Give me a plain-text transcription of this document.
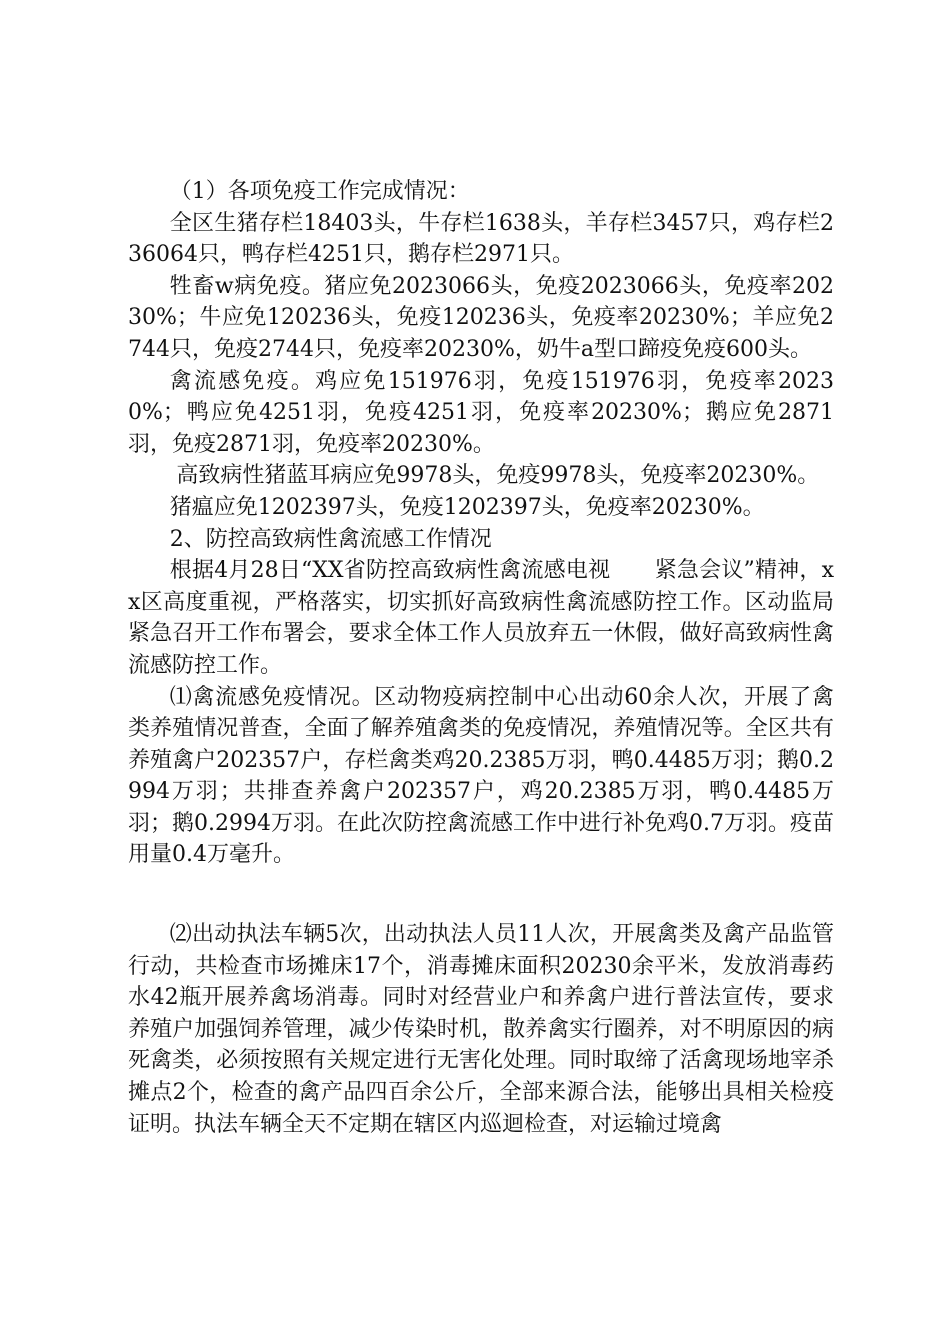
（1）各项免疫工作完成情况：

全区生猪存栏18403头，牛存栏1638头，羊存栏3457只，鸡存栏236064只，鸭存栏4251只，鹅存栏2971只。

牲畜w病免疫。猪应免2023066头，免疫2023066头，免疫率20230%；牛应免120236头，免疫120236头，免疫率20230%；羊应免2744只，免疫2744只，免疫率20230%，奶牛a型口蹄疫免疫600头。

禽流感免疫。鸡应免151976羽，免疫151976羽，免疫率20230%；鸭应免4251羽，免疫4251羽，免疫率20230%；鹅应免2871羽，免疫2871羽，免疫率20230%。

高致病性猪蓝耳病应免9978头，免疫9978头，免疫率20230%。

猪瘟应免1202397头，免疫1202397头，免疫率20230%。

2、防控高致病性禽流感工作情况

根据4月28日“XX省防控高致病性禽流感电视　　紧急会议”精神，xx区高度重视，严格落实，切实抓好高致病性禽流感防控工作。区动监局紧急召开工作布署会，要求全体工作人员放弃五一休假，做好高致病性禽流感防控工作。

⑴禽流感免疫情况。区动物疫病控制中心出动60余人次，开展了禽类养殖情况普查，全面了解养殖禽类的免疫情况，养殖情况等。全区共有养殖禽户202357户，存栏禽类鸡20.2385万羽，鸭0.4485万羽；鹅0.2994万羽；共排查养禽户202357户，鸡20.2385万羽，鸭0.4485万羽；鹅0.2994万羽。在此次防控禽流感工作中进行补免鸡0.7万羽。疫苗用量0.4万毫升。

⑵出动执法车辆5次，出动执法人员11人次，开展禽类及禽产品监管行动，共检查市场摊床17个，消毒摊床面积20230余平米，发放消毒药水42瓶开展养禽场消毒。同时对经营业户和养禽户进行普法宣传，要求养殖户加强饲养管理，减少传染时机，散养禽实行圈养，对不明原因的病死禽类，必须按照有关规定进行无害化处理。同时取缔了活禽现场地宰杀摊点2个，检查的禽产品四百余公斤，全部来源合法，能够出具相关检疫证明。执法车辆全天不定期在辖区内巡迴检查，对运输过境禽
